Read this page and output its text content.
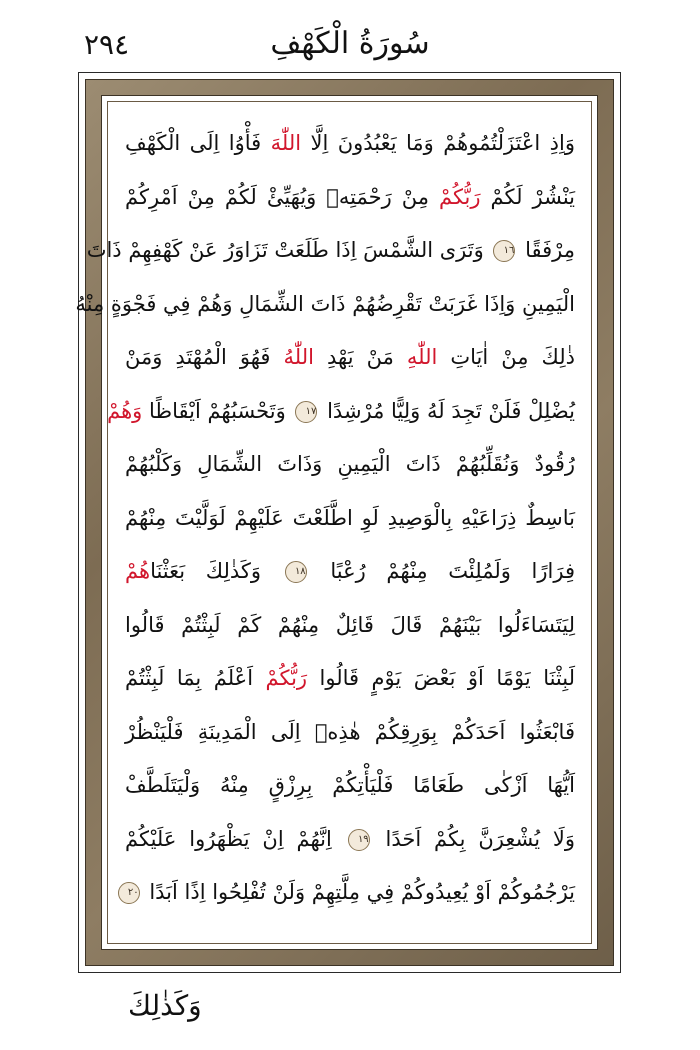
٢٩٤	سُورَةُ الْكَهْفِ
وَاِذِ اعْتَزَلْتُمُوهُمْ وَمَا يَعْبُدُونَ اِلَّا اللّٰهَ فَأْوُا اِلَى الْكَهْفِ
يَنْشُرْ لَكُمْ رَبُّكُمْ مِنْ رَحْمَتِهٖ وَيُهَيِّئْ لَكُمْ مِنْ اَمْرِكُمْ
مِرْفَقًا ١٦ وَتَرَى الشَّمْسَ اِذَا طَلَعَتْ تَزَاوَرُ عَنْ كَهْفِهِمْ ذَاتَ
الْيَمِينِ وَاِذَا غَرَبَتْ تَقْرِضُهُمْ ذَاتَ الشِّمَالِ وَهُمْ فِي فَجْوَةٍ مِنْهُ
ذٰلِكَ مِنْ اٰيَاتِ اللّٰهِ مَنْ يَهْدِ اللّٰهُ فَهُوَ الْمُهْتَدِ وَمَنْ
يُضْلِلْ فَلَنْ تَجِدَ لَهُ وَلِيًّا مُرْشِدًا ١٧ وَتَحْسَبُهُمْ اَيْقَاظًا وَهُمْ
رُقُودٌ وَنُقَلِّبُهُمْ ذَاتَ الْيَمِينِ وَذَاتَ الشِّمَالِ وَكَلْبُهُمْ
بَاسِطٌ ذِرَاعَيْهِ بِالْوَصِيدِ لَوِ اطَّلَعْتَ عَلَيْهِمْ لَوَلَّيْتَ مِنْهُمْ
فِرَارًا وَلَمُلِئْتَ مِنْهُمْ رُعْبًا ١٨ وَكَذٰلِكَ بَعَثْنَاهُمْ
لِيَتَسَاءَلُوا بَيْنَهُمْ قَالَ قَائِلٌ مِنْهُمْ كَمْ لَبِثْتُمْ قَالُوا
لَبِثْنَا يَوْمًا اَوْ بَعْضَ يَوْمٍ قَالُوا رَبُّكُمْ اَعْلَمُ بِمَا لَبِثْتُمْ
فَابْعَثُوا اَحَدَكُمْ بِوَرِقِكُمْ هٰذِهٖ اِلَى الْمَدِينَةِ فَلْيَنْظُرْ
اَيُّهَا اَزْكٰى طَعَامًا فَلْيَأْتِكُمْ بِرِزْقٍ مِنْهُ وَلْيَتَلَطَّفْ
وَلَا يُشْعِرَنَّ بِكُمْ اَحَدًا ١٩ اِنَّهُمْ اِنْ يَظْهَرُوا عَلَيْكُمْ
يَرْجُمُوكُمْ اَوْ يُعِيدُوكُمْ فِي مِلَّتِهِمْ وَلَنْ تُفْلِحُوا اِذًا اَبَدًا ٢٠
وَكَذٰلِكَ
